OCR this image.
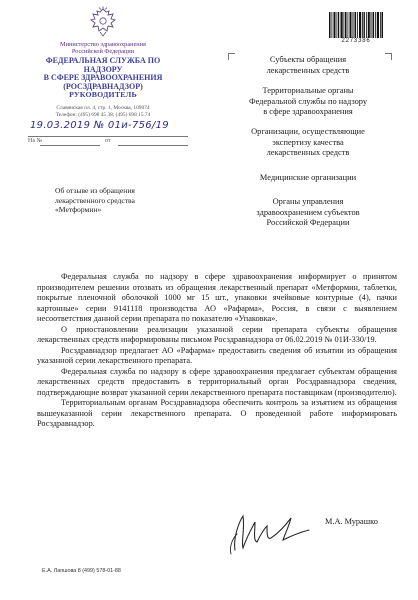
Министерство здравоохранения
Российской Федерации
ФЕДЕРАЛЬНАЯ СЛУЖБА ПО НАДЗОРУ
В СФЕРЕ ЗДРАВООХРАНЕНИЯ
(РОСЗДРАВНАДЗОР)
РУКОВОДИТЕЛЬ
Славянская пл. 4, стр. 1, Москва, 109074
Телефон: (495) 698 45 38; (495) 698 15 74
19.03.2019 № 01и-756/19
На №	от
2273386
Субъекты обращения
лекарственных средств
Территориальные органы
Федеральной службы по надзору
в сфере здравоохранения
Организации, осуществляющие
экспертизу качества
лекарственных средств
Медицинские организации
Органы управления
здравоохранением субъектов
Российской Федерации
Об отзыве из обращения
лекарственного средства
«Метформин»

Федеральная служба по надзору в сфере здравоохранения информирует о принятом производителем решении отозвать из обращения лекарственный препарат «Метформин, таблетки, покрытые пленочной оболочкой 1000 мг 15 шт., упаковки ячейковые контурные (4), пачки картонные» серии 9141118 производства АО «Рафарма», Россия, в связи с выявлением несоответствия данной серии препарата по показателю «Упаковка».

О приостановлении реализации указанной серии препарата субъекты обращения лекарственных средств информированы письмом Росздравнадзора от 06.02.2019 № 01И-330/19.

Росздравнадзор предлагает АО «Рафарма» предоставить сведения об изъятии из обращения указанной серии лекарственного препарата.

Федеральная служба по надзору в сфере здравоохранения предлагает субъектам обращения лекарственных средств предоставить в территориальный орган Росздравнадзора сведения, подтверждающие возврат указанной серии лекарственного препарата поставщикам (производителю).

Территориальным органам Росздравнадзора обеспечить контроль за изъятием из обращения вышеуказанной серии лекарственного препарата. О проведенной работе информировать Росздравнадзор.

М.А. Мурашко
Е.А. Лапшова 8 (499) 578-01-88
